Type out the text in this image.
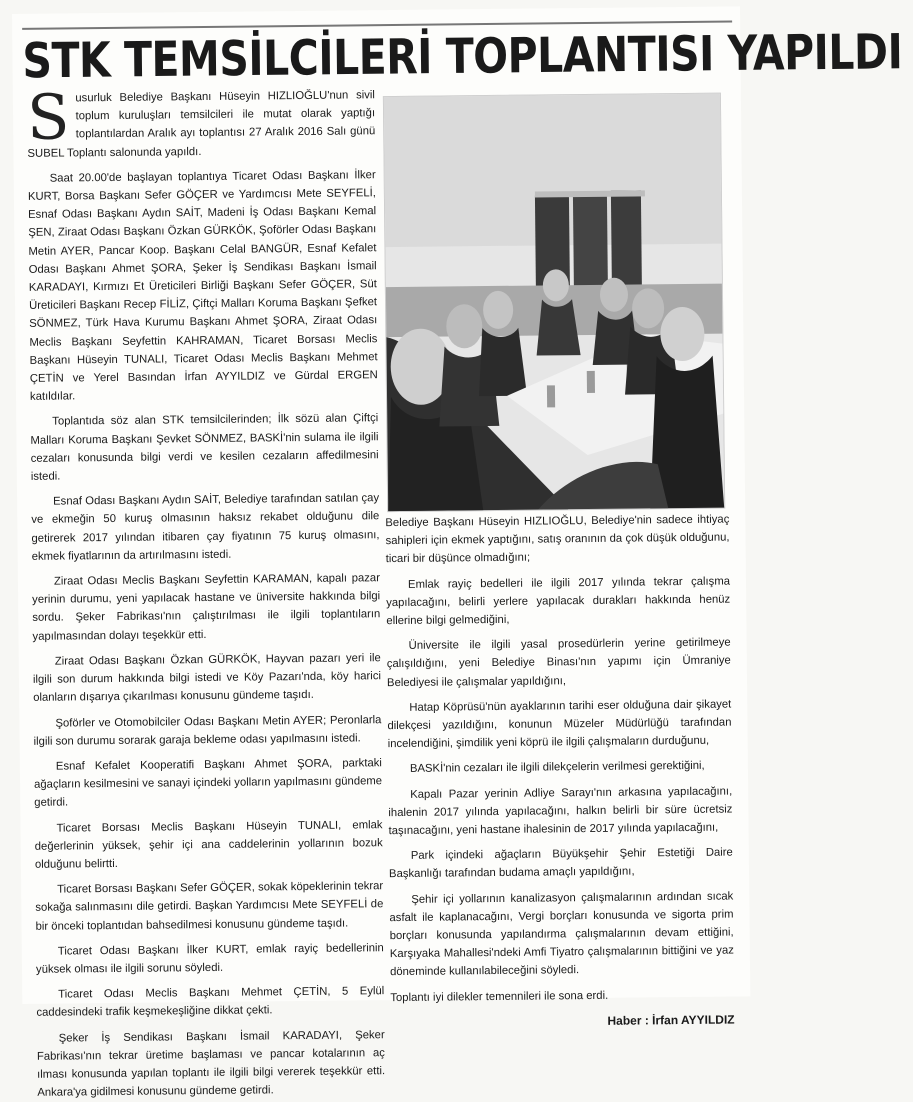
STK TEMSİLCİLERİ TOPLANTISI YAPILDI

Susurluk Belediye Başkanı Hüseyin HIZLIOĞLU'nun sivil toplum kuruluşları temsilcileri ile mutat olarak yaptığı toplantılardan Aralık ayı toplantısı 27 Aralık 2016 Salı günü SUBEL Toplantı salonunda yapıldı.

Saat 20.00'de başlayan toplantıya Ticaret Odası Başkanı İlker KURT, Borsa Başkanı Sefer GÖÇER ve Yardımcısı Mete SEYFELİ, Esnaf Odası Başkanı Aydın SAİT, Madeni İş Odası Başkanı Kemal ŞEN, Ziraat Odası Başkanı Özkan GÜRKÖK, Şoförler Odası Başkanı Metin AYER, Pancar Koop. Başkanı Celal BANGÜR, Esnaf Kefalet Odası Başkanı Ahmet ŞORA, Şeker İş Sendikası Başkanı İsmail KARADAYI, Kırmızı Et Üreticileri Birliği Başkanı Sefer GÖÇER, Süt Üreticileri Başkanı Recep FİLİZ, Çiftçi Malları Koruma Başkanı Şefket SÖNMEZ, Türk Hava Kurumu Başkanı Ahmet ŞORA, Ziraat Odası Meclis Başkanı Seyfettin KAHRAMAN, Ticaret Borsası Meclis Başkanı Hüseyin TUNALI, Ticaret Odası Meclis Başkanı Mehmet ÇETİN ve Yerel Basından İrfan AYYILDIZ ve Gürdal ERGEN katıldılar.

Toplantıda söz alan STK temsilcilerinden; İlk sözü alan Çiftçi Malları Koruma Başkanı Şevket SÖNMEZ, BASKİ'nin sulama ile ilgili cezaları konusunda bilgi verdi ve kesilen cezaların affedilmesini istedi.

Esnaf Odası Başkanı Aydın SAİT, Belediye tarafından satılan çay ve ekmeğin 50 kuruş olmasının haksız rekabet olduğunu dile getirerek 2017 yılından itibaren çay fiyatının 75 kuruş olmasını, ekmek fiyatlarının da artırılmasını istedi.

Ziraat Odası Meclis Başkanı Seyfettin KARAMAN, kapalı pazar yerinin durumu, yeni yapılacak hastane ve üniversite hakkında bilgi sordu. Şeker Fabrikası'nın çalıştırılması ile ilgili toplantıların yapılmasından dolayı teşekkür etti.

Ziraat Odası Başkanı Özkan GÜRKÖK, Hayvan pazarı yeri ile ilgili son durum hakkında bilgi istedi ve Köy Pazarı'nda, köy harici olanların dışarıya çıkarılması konusunu gündeme taşıdı.

Şoförler ve Otomobilciler Odası Başkanı Metin AYER; Peronlarla ilgili son durumu sorarak garaja bekleme odası yapılmasını istedi.

Esnaf Kefalet Kooperatifi Başkanı Ahmet ŞORA, parktaki ağaçların kesilmesini ve sanayi içindeki yolların yapılmasını gündeme getirdi.

Ticaret Borsası Meclis Başkanı Hüseyin TUNALI, emlak değerlerinin yüksek, şehir içi ana caddelerinin yollarının bozuk olduğunu belirtti.

Ticaret Borsası Başkanı Sefer GÖÇER, sokak köpeklerinin tekrar sokağa salınmasını dile getirdi. Başkan Yardımcısı Mete SEYFELİ de bir önceki toplantıdan bahsedilmesi konusunu gündeme taşıdı.

Ticaret Odası Başkanı İlker KURT, emlak rayiç bedellerinin yüksek olması ile ilgili sorunu söyledi.

Ticaret Odası Meclis Başkanı Mehmet ÇETİN, 5 Eylül caddesindeki trafik keşmekeşliğine dikkat çekti.

Şeker İş Sendikası Başkanı İsmail KARADAYI, Şeker Fabrikası'nın tekrar üretime başlaması ve pancar kotalarının aç ılması konusunda yapılan toplantı ile ilgili bilgi vererek teşekkür etti. Ankara'ya gidilmesi konusunu gündeme getirdi.

Belediye Başkanı Hüseyin HIZLIOĞLU, Belediye'nin sadece ihtiyaç sahipleri için ekmek yaptığını, satış oranının da çok düşük olduğunu, ticari bir düşünce olmadığını;

Emlak rayiç bedelleri ile ilgili 2017 yılında tekrar çalışma yapılacağını, belirli yerlere yapılacak durakları hakkında henüz ellerine bilgi gelmediğini,

Üniversite ile ilgili yasal prosedürlerin yerine getirilmeye çalışıldığını, yeni Belediye Binası'nın yapımı için Ümraniye Belediyesi ile çalışmalar yapıldığını,

Hatap Köprüsü'nün ayaklarının tarihi eser olduğuna dair şikayet dilekçesi yazıldığını, konunun Müzeler Müdürlüğü tarafından incelendiğini, şimdilik yeni köprü ile ilgili çalışmaların durduğunu,

BASKİ'nin cezaları ile ilgili dilekçelerin verilmesi gerektiğini,

Kapalı Pazar yerinin Adliye Sarayı'nın arkasına yapılacağını, ihalenin 2017 yılında yapılacağını, halkın belirli bir süre ücretsiz taşınacağını, yeni hastane ihalesinin de 2017 yılında yapılacağını,

Park içindeki ağaçların Büyükşehir Şehir Estetiği Daire Başkanlığı tarafından budama amaçlı yapıldığını,

Şehir içi yollarının kanalizasyon çalışmalarının ardından sıcak asfalt ile kaplanacağını, Vergi borçları konusunda ve sigorta prim borçları konusunda yapılandırma çalışmalarının devam ettiğini, Karşıyaka Mahallesi'ndeki Amfi Tiyatro çalışmalarının bittiğini ve yaz döneminde kullanılabileceğini söyledi.

Toplantı iyi dilekler temennileri ile sona erdi.

Haber : İrfan AYYILDIZ
